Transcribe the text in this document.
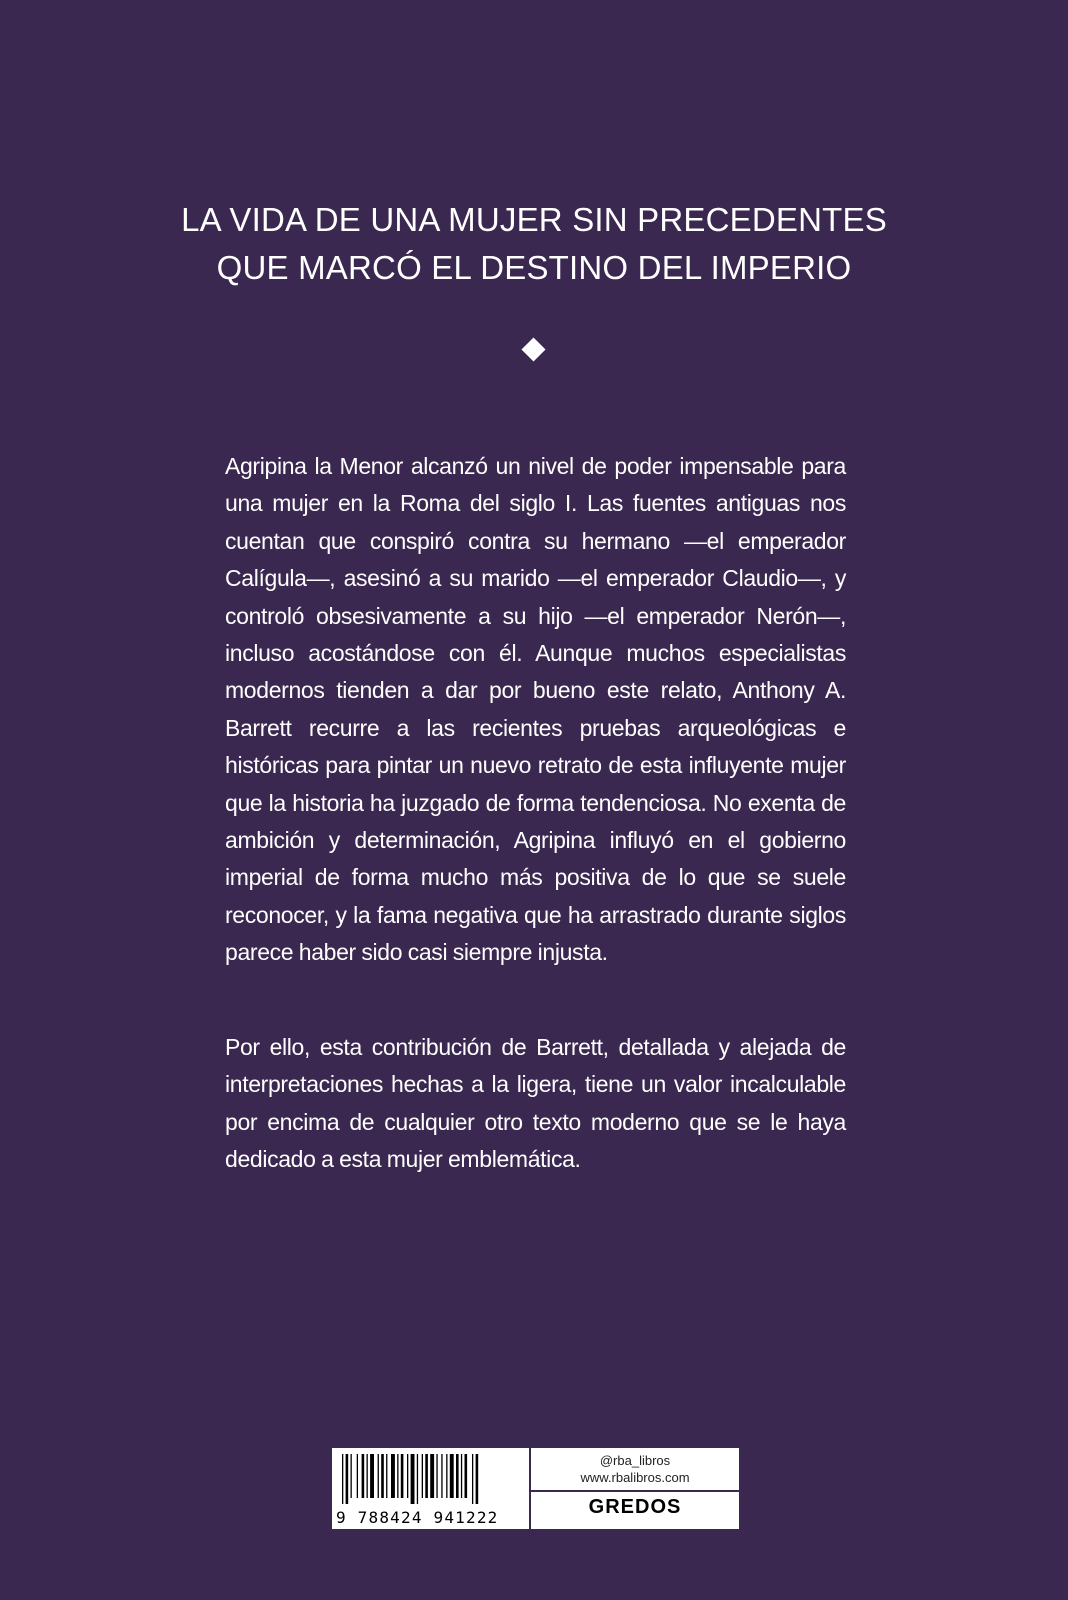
LA VIDA DE UNA MUJER SIN PRECEDENTES
QUE MARCÓ EL DESTINO DEL IMPERIO

Agripina la Menor alcanzó un nivel de poder impensable para una mujer en la Roma del siglo I. Las fuentes antiguas nos cuentan que conspiró contra su hermano —el emperador Calígula—, asesinó a su marido —el emperador Claudio—, y controló obsesivamente a su hijo —el emperador Nerón—, incluso acostándose con él. Aunque muchos especialistas modernos tienden a dar por bueno este relato, Anthony A. Barrett recurre a las recientes pruebas arqueológicas e históricas para pintar un nuevo retrato de esta influyente mujer que la historia ha juzgado de forma tendenciosa. No exenta de ambición y determinación, Agripina influyó en el gobierno imperial de forma mucho más positiva de lo que se suele reconocer, y la fama negativa que ha arrastrado durante siglos parece haber sido casi siempre injusta.

Por ello, esta contribución de Barrett, detallada y alejada de interpretaciones hechas a la ligera, tiene un valor incalculable por encima de cualquier otro texto moderno que se le haya dedicado a esta mujer emblemática.

9 788424 941222
@rba_libros
www.rbalibros.com
GREDOS
